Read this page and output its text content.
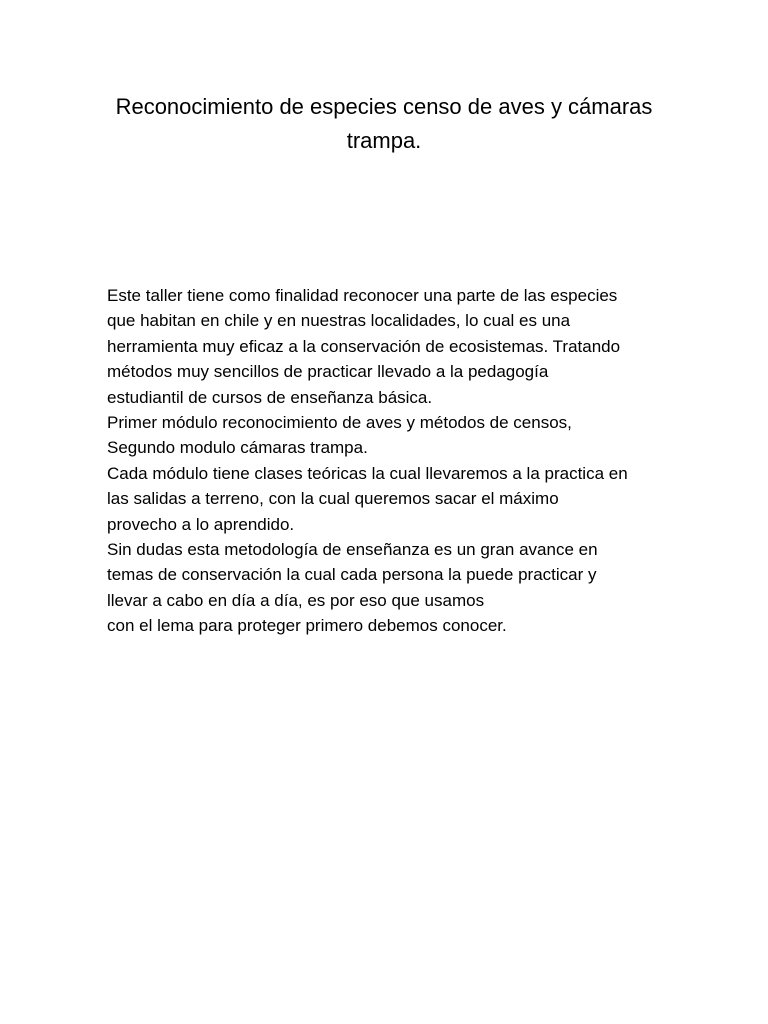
Reconocimiento de especies censo de aves y cámaras
trampa.
Este taller tiene como finalidad reconocer una parte de las especies
que habitan en chile y en nuestras localidades, lo cual es una
herramienta muy eficaz a la conservación de ecosistemas. Tratando
métodos muy sencillos de practicar llevado a la pedagogía
estudiantil de cursos de enseñanza básica.
Primer módulo reconocimiento de aves y métodos de censos,
Segundo modulo cámaras trampa.
Cada módulo tiene clases teóricas la cual llevaremos a la practica en
las salidas a terreno, con la cual queremos sacar el máximo
provecho a lo aprendido.
Sin dudas esta metodología de enseñanza es un gran avance en
temas de conservación la cual cada persona la puede practicar y
llevar a cabo en día a día, es por eso que usamos
con el lema para proteger primero debemos conocer.
